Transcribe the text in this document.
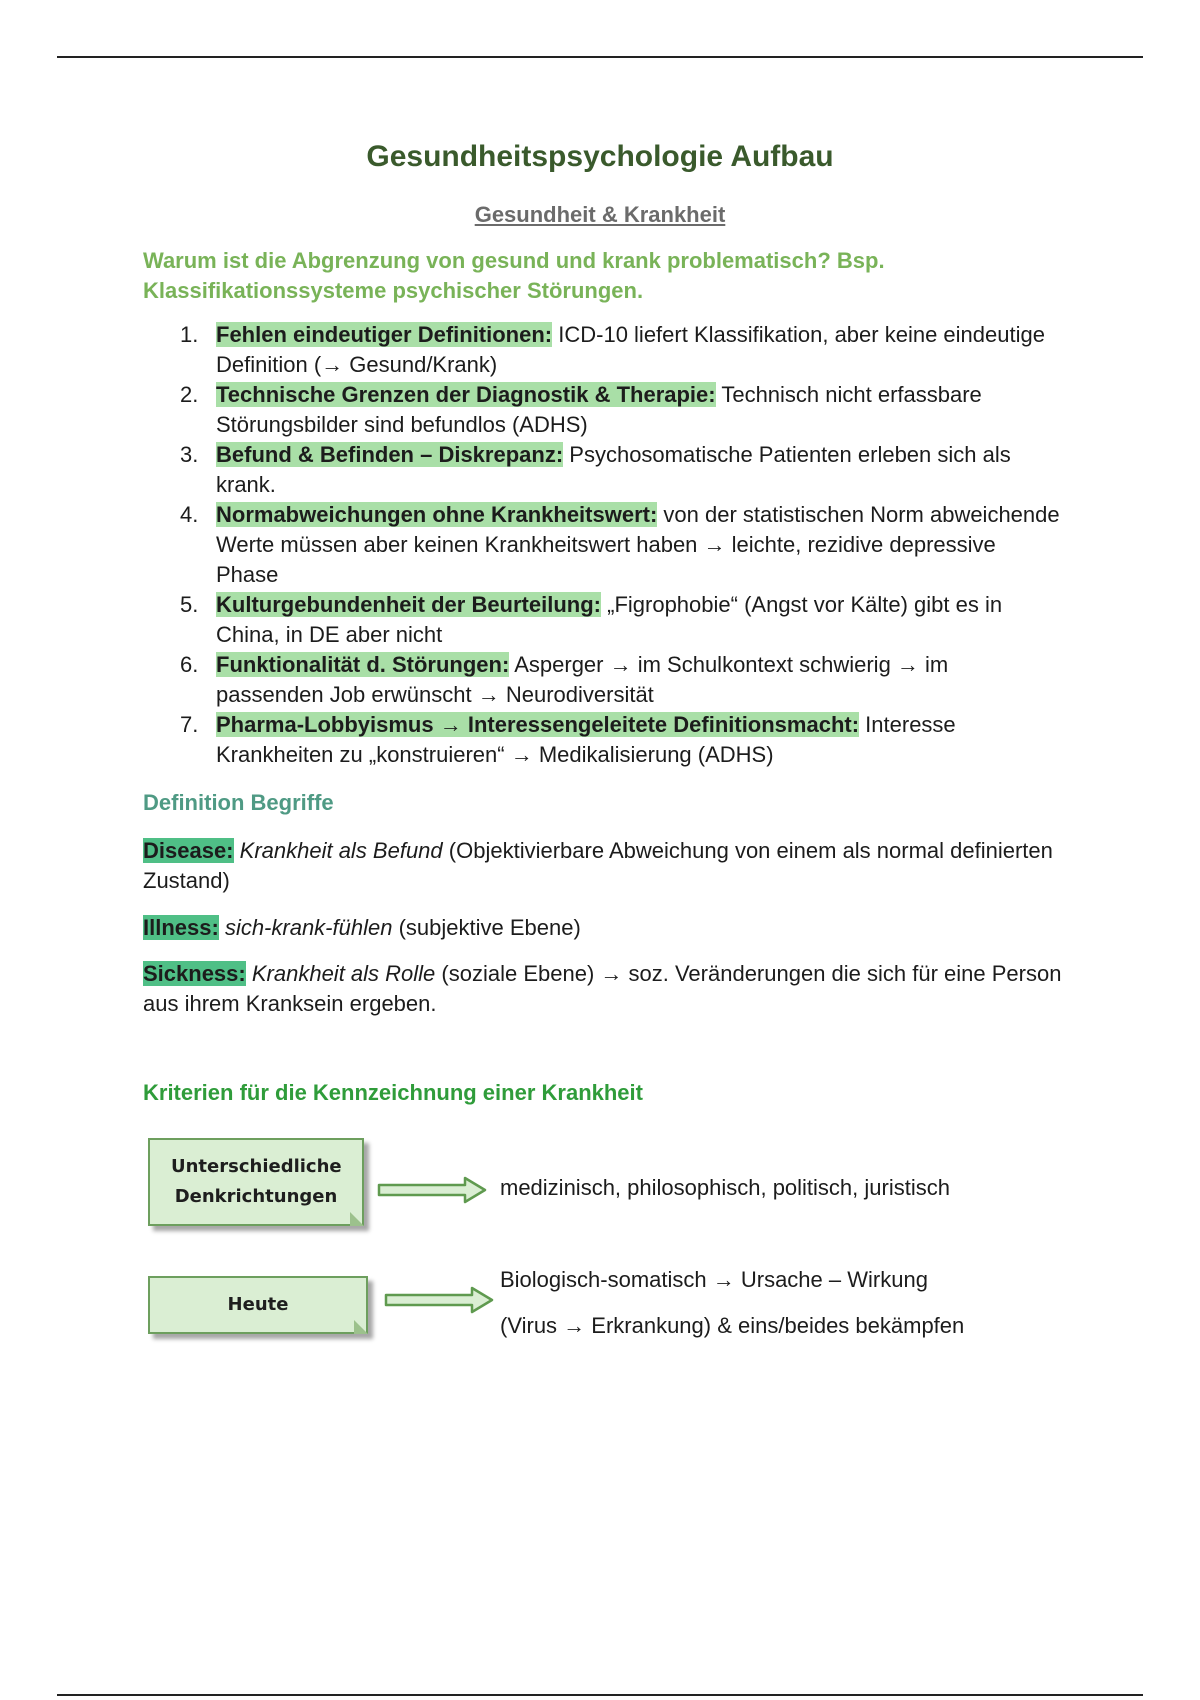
Gesundheitspsychologie Aufbau
Gesundheit & Krankheit
Warum ist die Abgrenzung von gesund und krank problematisch? Bsp. Klassifikationssysteme psychischer Störungen.
1. Fehlen eindeutiger Definitionen: ICD-10 liefert Klassifikation, aber keine eindeutige Definition (→ Gesund/Krank)
2. Technische Grenzen der Diagnostik & Therapie: Technisch nicht erfassbare Störungsbilder sind befundlos (ADHS)
3. Befund & Befinden – Diskrepanz: Psychosomatische Patienten erleben sich als krank.
4. Normabweichungen ohne Krankheitswert: von der statistischen Norm abweichende Werte müssen aber keinen Krankheitswert haben → leichte, rezidive depressive Phase
5. Kulturgebundenheit der Beurteilung: „Figrophobie“ (Angst vor Kälte) gibt es in China, in DE aber nicht
6. Funktionalität d. Störungen: Asperger → im Schulkontext schwierig → im passenden Job erwünscht → Neurodiversität
7. Pharma-Lobbyismus → Interessengeleitete Definitionsmacht: Interesse Krankheiten zu „konstruieren“ → Medikalisierung (ADHS)
Definition Begriffe
Disease: Krankheit als Befund (Objektivierbare Abweichung von einem als normal definierten Zustand)
Illness: sich-krank-fühlen (subjektive Ebene)
Sickness: Krankheit als Rolle (soziale Ebene) → soz. Veränderungen die sich für eine Person aus ihrem Kranksein ergeben.
Kriterien für die Kennzeichnung einer Krankheit
Unterschiedliche Denkrichtungen	medizinisch, philosophisch, politisch, juristisch
Heute
Biologisch-somatisch → Ursache – Wirkung
(Virus → Erkrankung) & eins/beides bekämpfen
